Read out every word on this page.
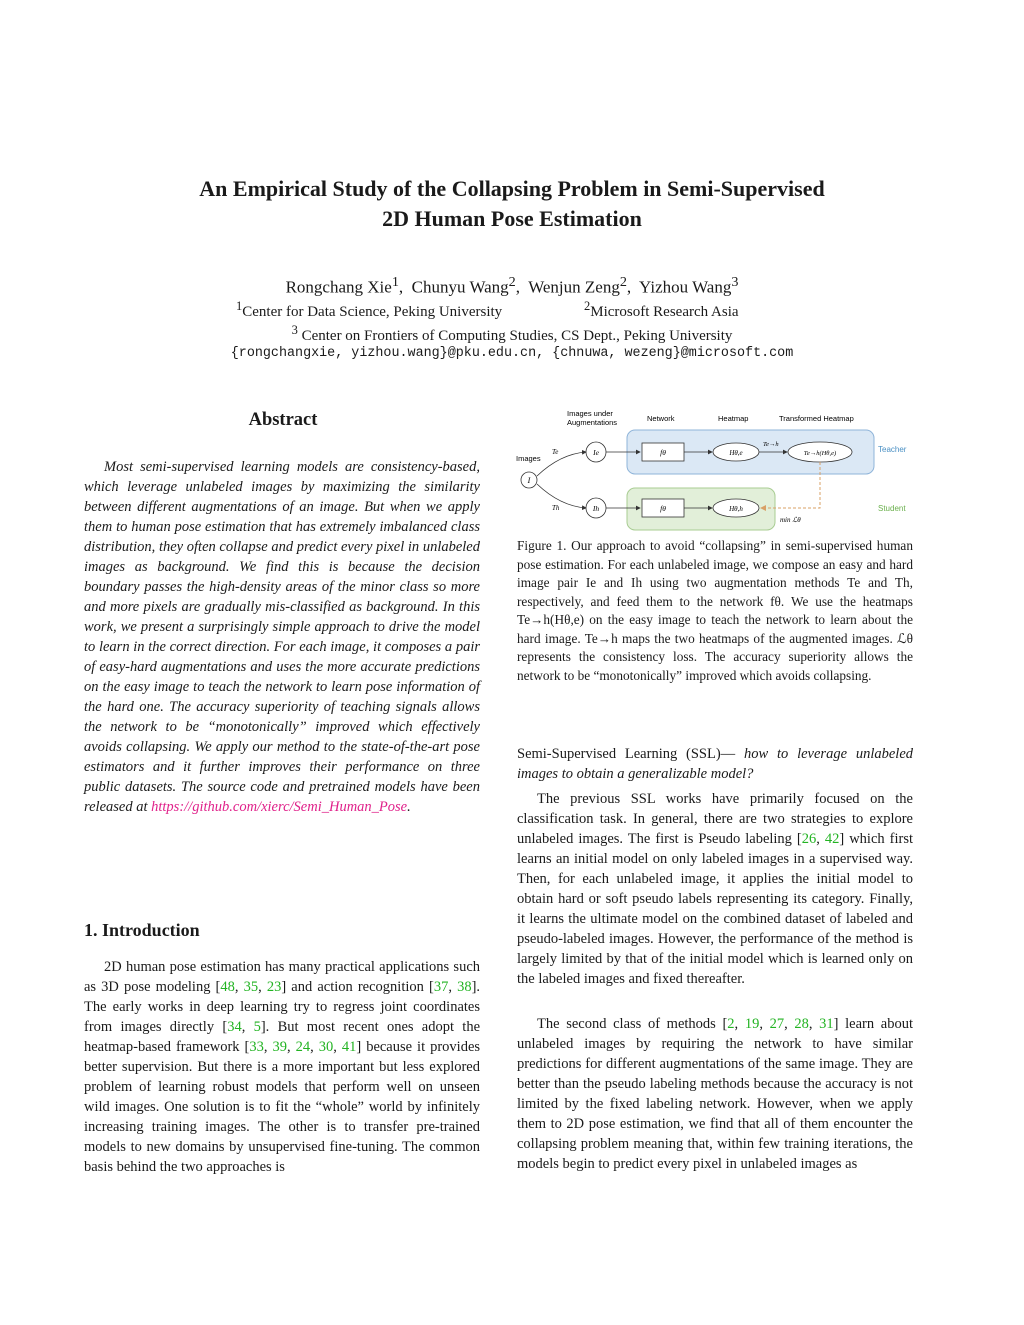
An Empirical Study of the Collapsing Problem in Semi-Supervised
2D Human Pose Estimation
Rongchang Xie$^1$,  Chunyu Wang$^2$,  Wenjun Zeng$^2$,  Yizhou Wang$^3$
$^1$Center for Data Science, Peking University	$^2$Microsoft Research Asia
$^3$ Center on Frontiers of Computing Studies, CS Dept., Peking University
{rongchangxie, yizhou.wang}@pku.edu.cn, {chnuwa, wezeng}@microsoft.com
Abstract
Most semi-supervised learning models are consistency-based, which leverage unlabeled images by maximizing the similarity between different augmentations of an image. But when we apply them to human pose estimation that has extremely imbalanced class distribution, they often collapse and predict every pixel in unlabeled images as background. We find this is because the decision boundary passes the high-density areas of the minor class so more and more pixels are gradually mis-classified as background. In this work, we present a surprisingly simple approach to drive the model to learn in the correct direction. For each image, it composes a pair of easy-hard augmentations and uses the more accurate predictions on the easy image to teach the network to learn pose information of the hard one. The accuracy superiority of teaching signals allows the network to be “monotonically” improved which effectively avoids collapsing. We apply our method to the state-of-the-art pose estimators and it further improves their performance on three public datasets. The source code and pretrained models have been released at https://github.com/xierc/Semi_Human_Pose.
1. Introduction
2D human pose estimation has many practical applications such as 3D pose modeling [48, 35, 23] and action recognition [37, 38]. The early works in deep learning try to regress joint coordinates from images directly [34, 5]. But most recent ones adopt the heatmap-based framework [33, 39, 24, 30, 41] because it provides better supervision. But there is a more important but less explored problem of learning robust models that perform well on unseen wild images. One solution is to fit the “whole” world by infinitely increasing training images. The other is to transfer pre-trained models to new domains by unsupervised fine-tuning. The common basis behind the two approaches is
Images under
Augmentations	Network	Heatmap	Transformed Heatmap
Teacher
Student
Images
I
Te
Th
Ie
Ih
fθ
fθ
Hθ,e
Hθ,h
Te→h
Te→h(Hθ,e)
min ℒθ
Figure 1. Our approach to avoid “collapsing” in semi-supervised human pose estimation. For each unlabeled image, we compose an easy and hard image pair Ie and Ih using two augmentation methods Te and Th, respectively, and feed them to the network fθ. We use the heatmaps Te→h(Hθ,e) on the easy image to teach the network to learn about the hard image. Te→h maps the two heatmaps of the augmented images. ℒθ represents the consistency loss. The accuracy superiority allows the network to be “monotonically” improved which avoids collapsing.
Semi-Supervised Learning (SSL)— how to leverage unlabeled images to obtain a generalizable model?
The previous SSL works have primarily focused on the classification task. In general, there are two strategies to explore unlabeled images. The first is Pseudo labeling [26, 42] which first learns an initial model on only labeled images in a supervised way. Then, for each unlabeled image, it applies the initial model to obtain hard or soft pseudo labels representing its category. Finally, it learns the ultimate model on the combined dataset of labeled and pseudo-labeled images. However, the performance of the method is largely limited by that of the initial model which is learned only on the labeled images and fixed thereafter.
The second class of methods [2, 19, 27, 28, 31] learn about unlabeled images by requiring the network to have similar predictions for different augmentations of the same image. They are better than the pseudo labeling methods because the accuracy is not limited by the fixed labeling network. However, when we apply them to 2D pose estimation, we find that all of them encounter the collapsing problem meaning that, within few training iterations, the models begin to predict every pixel in unlabeled images as
